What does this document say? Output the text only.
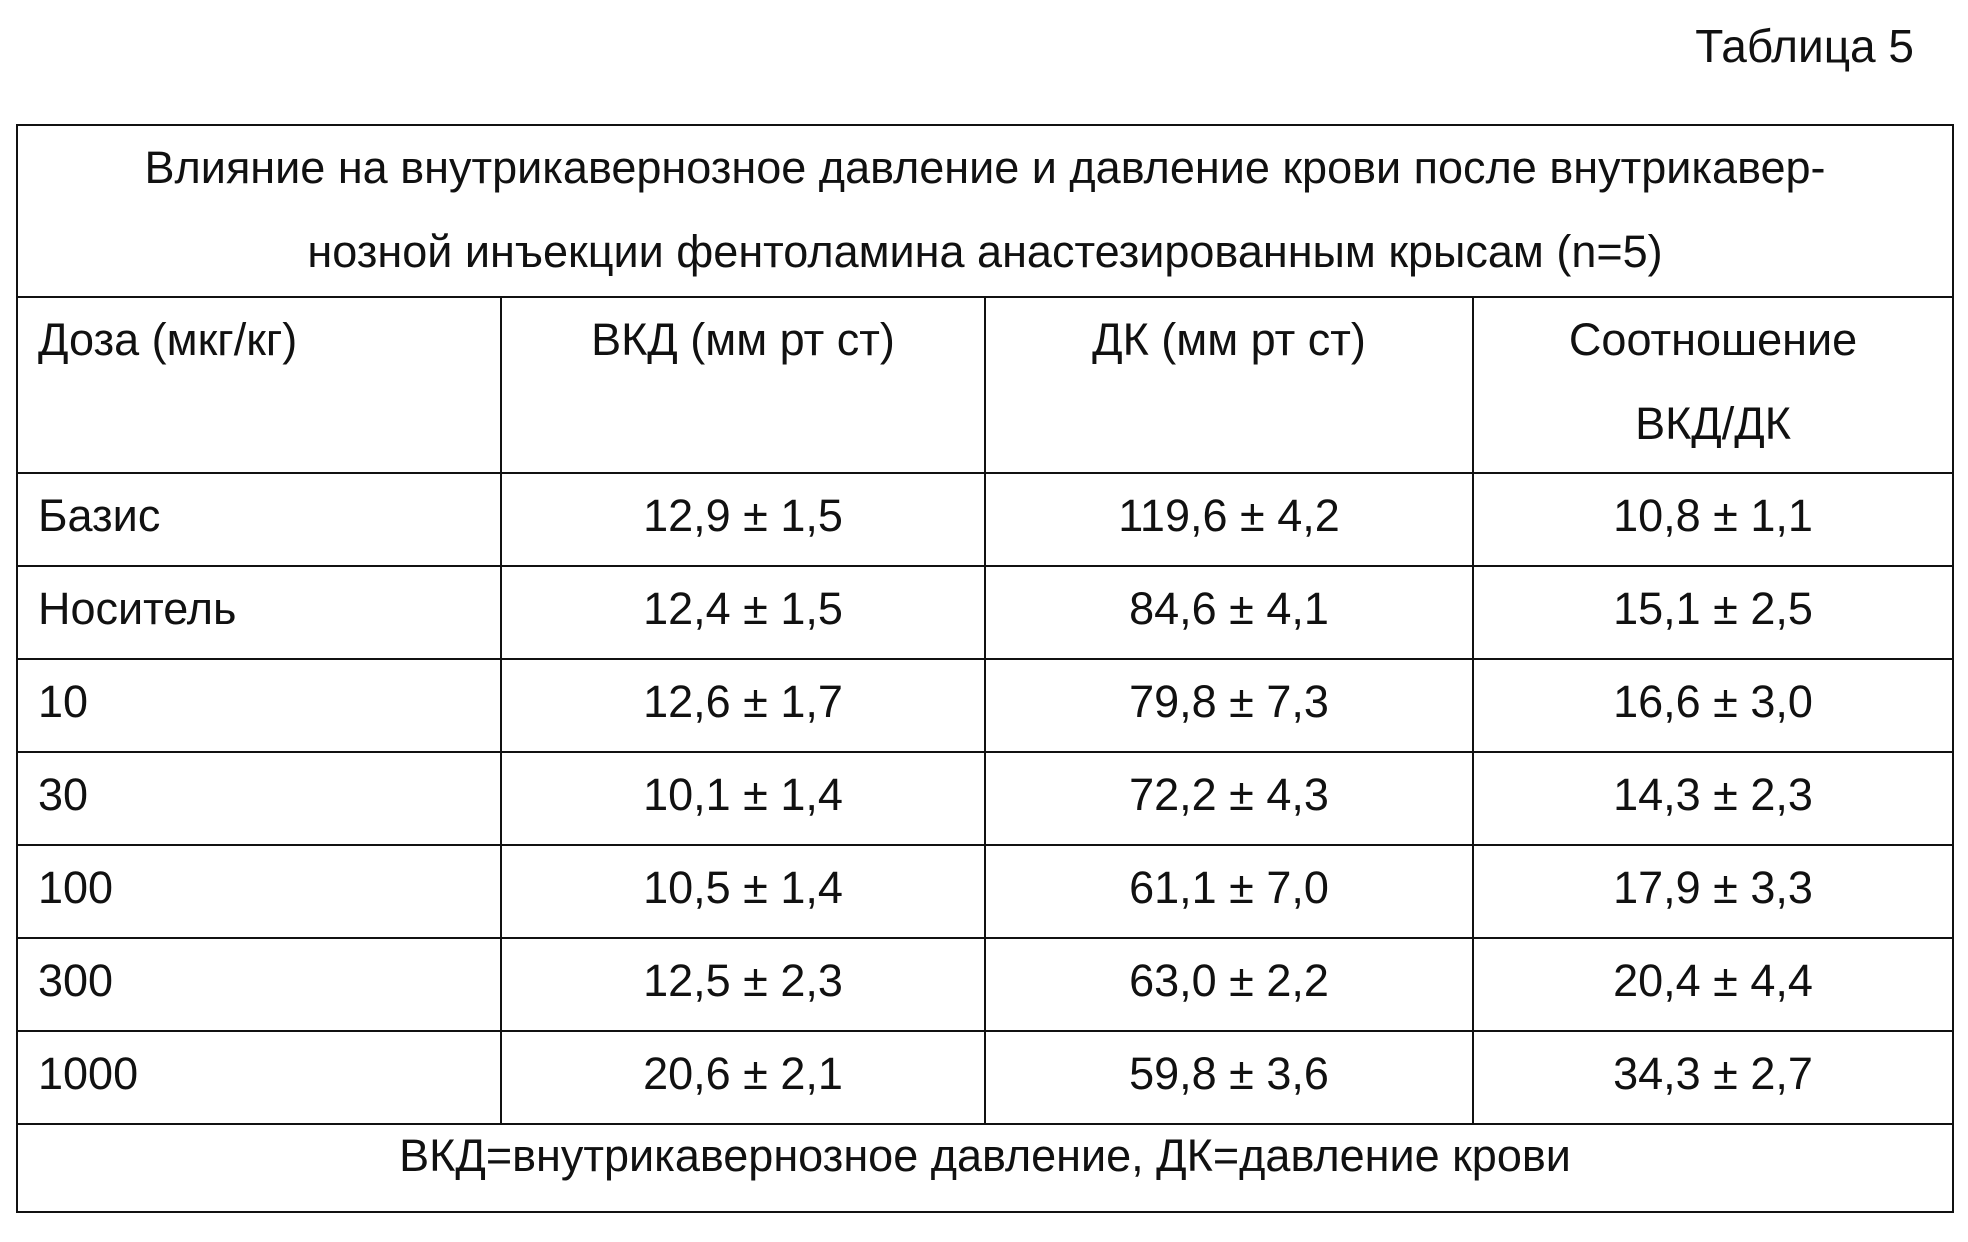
Таблица 5
Влияние на внутрикавернозное давление и давление крови после внутрикавер-
нозной инъекции фентоламина анастезированным крысам (n=5)			

Доза (мкг/кг)	ВКД (мм рт ст)	ДК (мм рт ст)	Соотношение
ВКД/ДК

Базис	12,9 ± 1,5	119,6 ± 4,2	10,8 ± 1,1
Носитель	12,4 ± 1,5	84,6 ± 4,1	15,1 ± 2,5
10	12,6 ± 1,7	79,8 ± 7,3	16,6 ± 3,0
30	10,1 ± 1,4	72,2 ± 4,3	14,3 ± 2,3
100	10,5 ± 1,4	61,1 ± 7,0	17,9 ± 3,3
300	12,5 ± 2,3	63,0 ± 2,2	20,4 ± 4,4
1000	20,6 ± 2,1	59,8 ± 3,6	34,3 ± 2,7
ВКД=внутрикавернозное давление, ДК=давление крови			
